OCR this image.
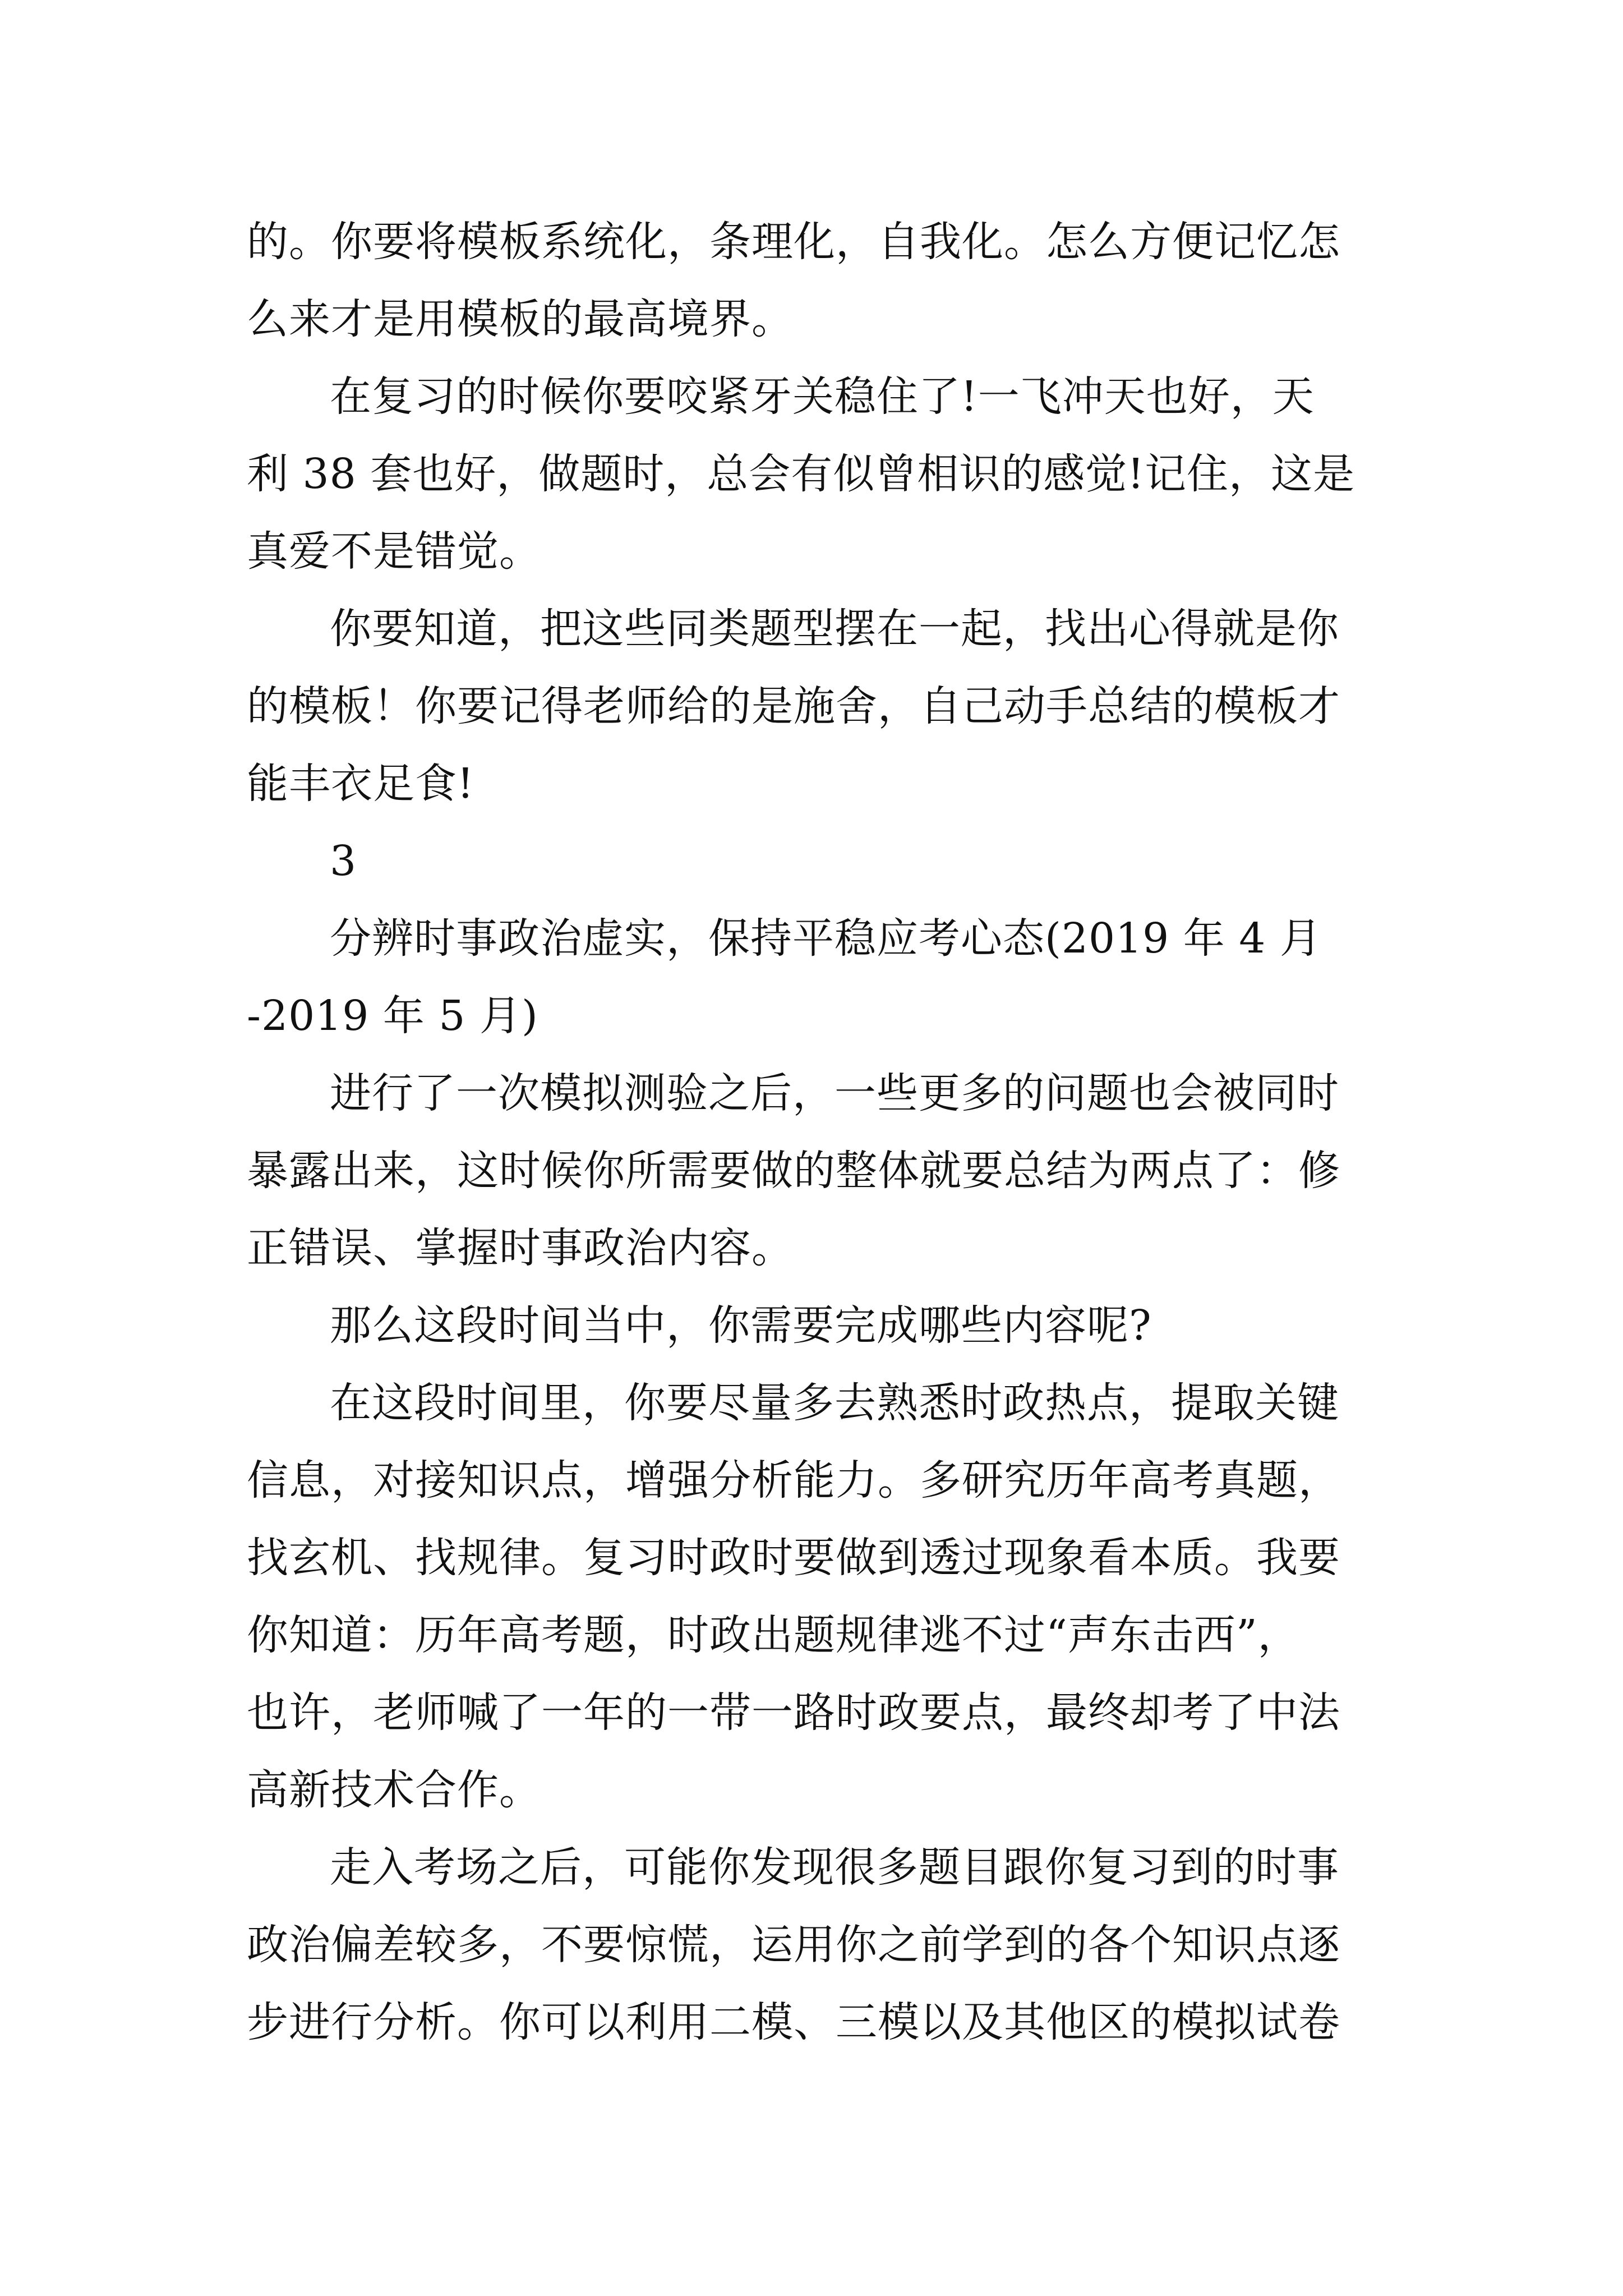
的。你要将模板系统化，条理化，自我化。怎么方便记忆怎
么来才是用模板的最高境界。
在复习的时候你要咬紧牙关稳住了!一飞冲天也好，天
利 38 套也好，做题时，总会有似曾相识的感觉!记住，这是
真爱不是错觉。
你要知道，把这些同类题型摆在一起，找出心得就是你
的模板！你要记得老师给的是施舍，自己动手总结的模板才
能丰衣足食!
3
分辨时事政治虚实，保持平稳应考心态(2019 年 4 月
-2019 年 5 月)
进行了一次模拟测验之后，一些更多的问题也会被同时
暴露出来，这时候你所需要做的整体就要总结为两点了：修
正错误、掌握时事政治内容。
那么这段时间当中，你需要完成哪些内容呢?
在这段时间里，你要尽量多去熟悉时政热点，提取关键
信息，对接知识点，增强分析能力。多研究历年高考真题，
找玄机、找规律。复习时政时要做到透过现象看本质。我要
你知道：历年高考题，时政出题规律逃不过“声东击西”，
也许，老师喊了一年的一带一路时政要点，最终却考了中法
高新技术合作。
走入考场之后，可能你发现很多题目跟你复习到的时事
政治偏差较多，不要惊慌，运用你之前学到的各个知识点逐
步进行分析。你可以利用二模、三模以及其他区的模拟试卷
